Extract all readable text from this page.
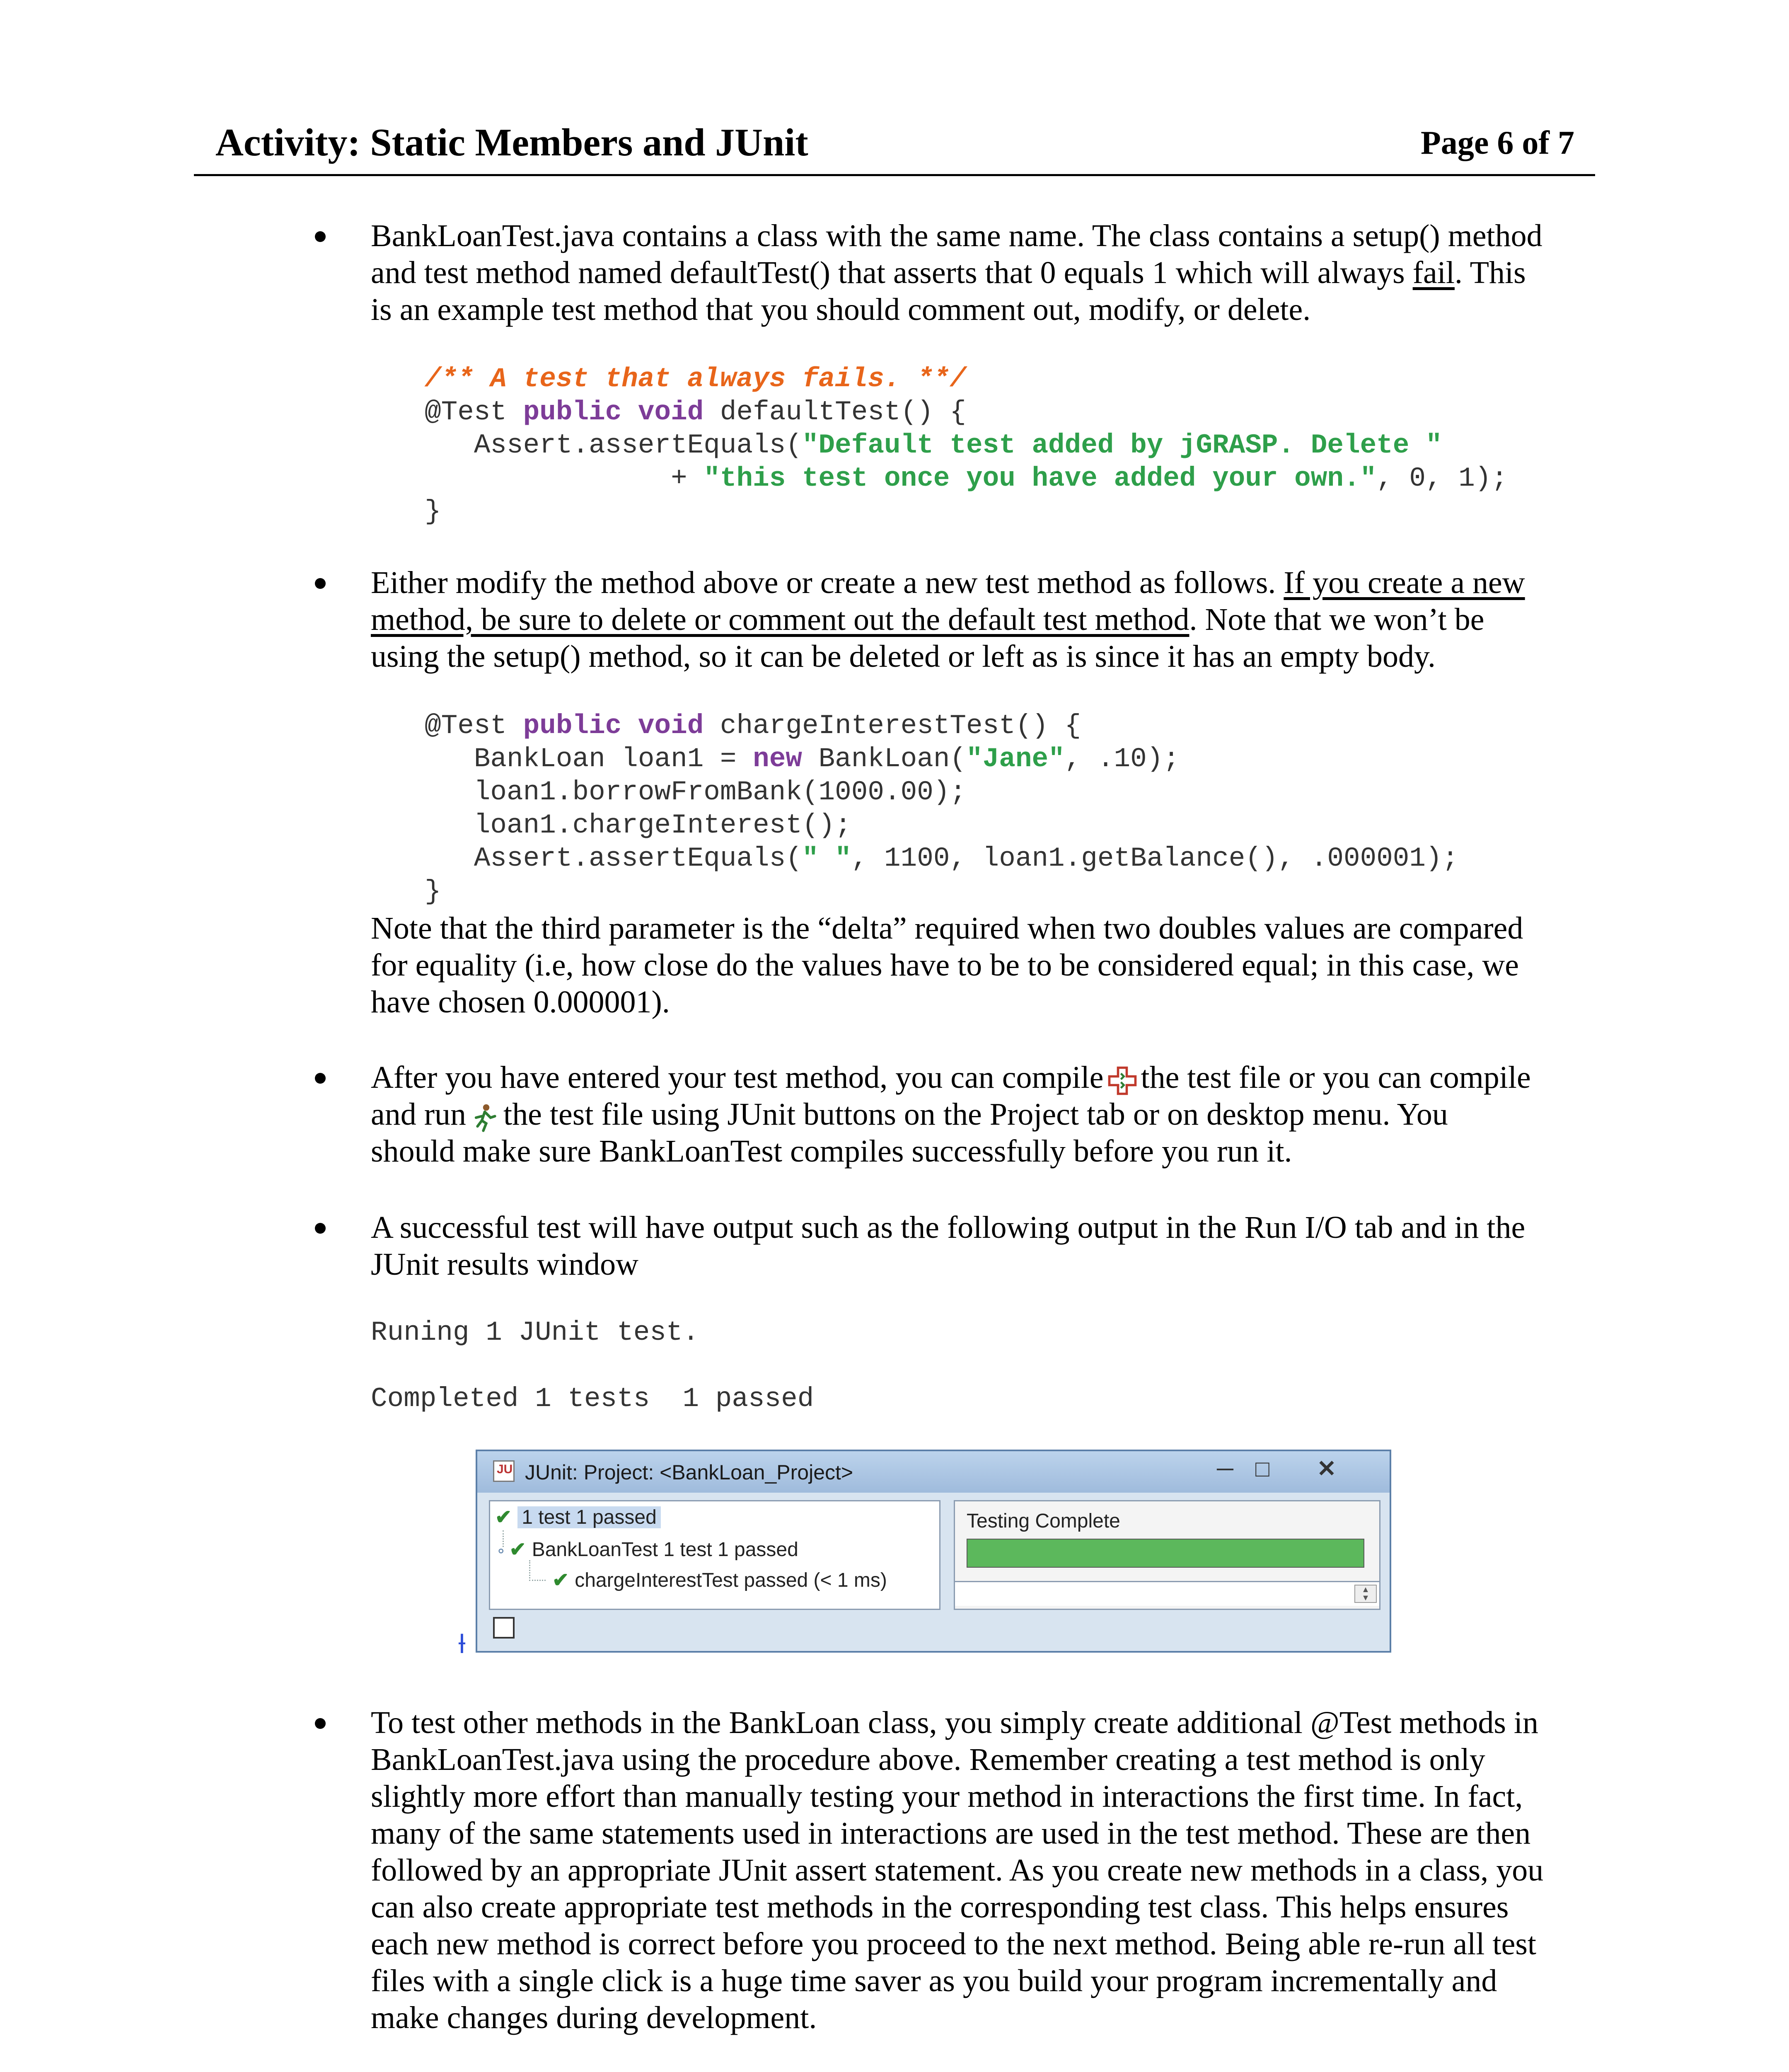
Activity: Static Members and JUnit	Page 6 of 7

BankLoanTest.java contains a class with the same name. The class contains a setup() method

and test method named defaultTest() that asserts that 0 equals 1 which will always fail. This

is an example test method that you should comment out, modify, or delete.

/** A test that always fails. **/
@Test public void defaultTest() {
Assert.assertEquals("Default test added by jGRASP. Delete "
+ "this test once you have added your own.", 0, 1);
}

Either modify the method above or create a new test method as follows. If you create a new

method, be sure to delete or comment out the default test method. Note that we won’t be

using the setup() method, so it can be deleted or left as is since it has an empty body.

@Test public void chargeInterestTest() {
BankLoan loan1 = new BankLoan("Jane", .10);
loan1.borrowFromBank(1000.00);
loan1.chargeInterest();
Assert.assertEquals(" ", 1100, loan1.getBalance(), .000001);
}

Note that the third parameter is the “delta” required when two doubles values are compared

for equality (i.e, how close do the values have to be to be considered equal; in this case, we

have chosen 0.000001).

After you have entered your test method, you can compile the test file or you can compile

and run the test file using JUnit buttons on the Project tab or on desktop menu. You

should make sure BankLoanTest compiles successfully before you run it.

A successful test will have output such as the following output in the Run I/O tab and in the

JUnit results window

Runing 1 JUnit test.
Completed 1 tests  1 passed
JU JUnit: Project: <BankLoan_Project>	─ □	✕
✔ 1 test 1 passed
⚬ ✔ BankLoanTest 1 test 1 passed
✔ chargeInterestTest passed (< 1 ms)
Testing Complete
▲
▼
Ɨ

To test other methods in the BankLoan class, you simply create additional @Test methods in

BankLoanTest.java using the procedure above. Remember creating a test method is only

slightly more effort than manually testing your method in interactions the first time. In fact,

many of the same statements used in interactions are used in the test method. These are then

followed by an appropriate JUnit assert statement. As you create new methods in a class, you

can also create appropriate test methods in the corresponding test class. This helps ensures

each new method is correct before you proceed to the next method. Being able re-run all test

files with a single click is a huge time saver as you build your program incrementally and

make changes during development.
